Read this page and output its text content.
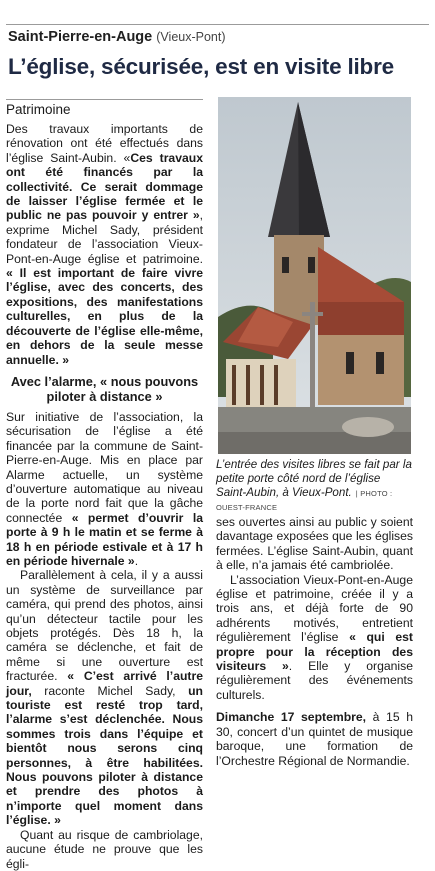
Saint-Pierre-en-Auge (Vieux-Pont)
L’église, sécurisée, est en visite libre
Patrimoine

Des travaux importants de rénovation ont été effectués dans l’église Saint-Aubin. «Ces travaux ont été financés par la collectivité. Ce serait dommage de laisser l’église fermée et le public ne pas pouvoir y entrer », exprime Michel Sady, président fondateur de l’association Vieux-Pont-en-Auge église et patrimoine. « Il est important de faire vivre l’église, avec des concerts, des expositions, des manifestations culturelles, en plus de la découverte de l’église elle-même, en dehors de la seule messe annuelle. »

Avec l’alarme, « nous pouvons piloter à distance »

Sur initiative de l’association, la sécurisation de l’église a été financée par la commune de Saint-Pierre-en-Auge. Mis en place par Alarme actuelle, un système d’ouverture automatique au niveau de la porte nord fait que la gâche connectée « permet d’ouvrir la porte à 9 h le matin et se ferme à 18 h en période estivale et à 17 h en période hivernale ».

Parallèlement à cela, il y a aussi un système de surveillance par caméra, qui prend des photos, ainsi qu’un détecteur tactile pour les objets protégés. Dès 18 h, la caméra se déclenche, et fait de même si une ouverture est fracturée. « C’est arrivé l’autre jour, raconte Michel Sady, un touriste est resté trop tard, l’alarme s’est déclenchée. Nous sommes trois dans l’équipe et bientôt nous serons cinq personnes, à être habilitées. Nous pouvons piloter à distance et prendre des photos à n’importe quel moment dans l’église. »

Quant au risque de cambriolage, aucune étude ne prouve que les égli-

L’entrée des visites libres se fait par la petite porte côté nord de l’église Saint-Aubin, à Vieux-Pont. | PHOTO : OUEST-FRANCE

ses ouvertes ainsi au public y soient davantage exposées que les églises fermées. L’église Saint-Aubin, quant à elle, n’a jamais été cambriolée.

L’association Vieux-Pont-en-Auge église et patrimoine, créée il y a trois ans, et déjà forte de 90 adhérents motivés, entretient régulièrement l’église « qui est propre pour la réception des visiteurs ». Elle y organise régulièrement des événements culturels.

Dimanche 17 septembre, à 15 h 30, concert d’un quintet de musique baroque, une formation de l’Orchestre Régional de Normandie.
